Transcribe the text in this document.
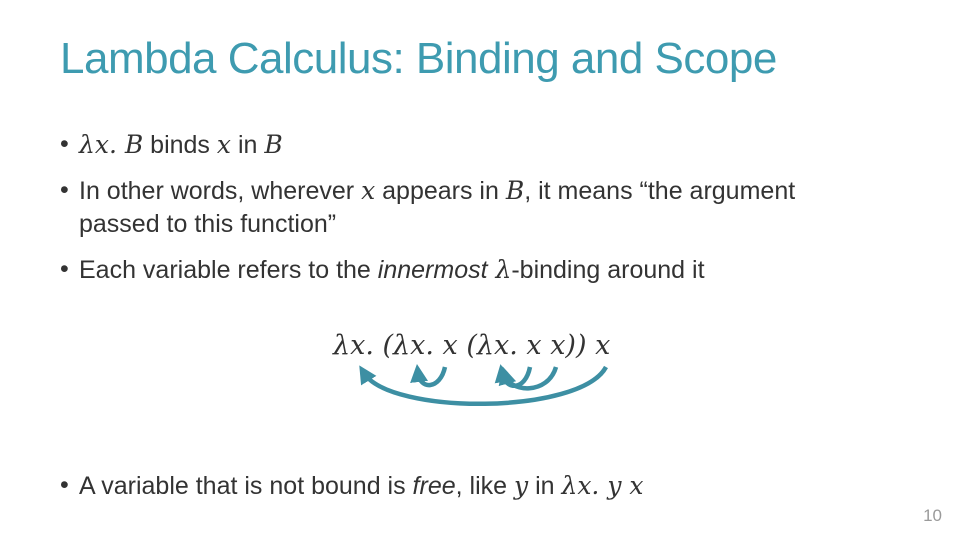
Lambda Calculus: Binding and Scope
• λx. B binds x in B
• In other words, wherever x appears in B, it means “the argument passed to this function”
• Each variable refers to the innermost λ-binding around it
λx. (λx. x (λx. x x)) x
• A variable that is not bound is free, like y in λx. y x
10
